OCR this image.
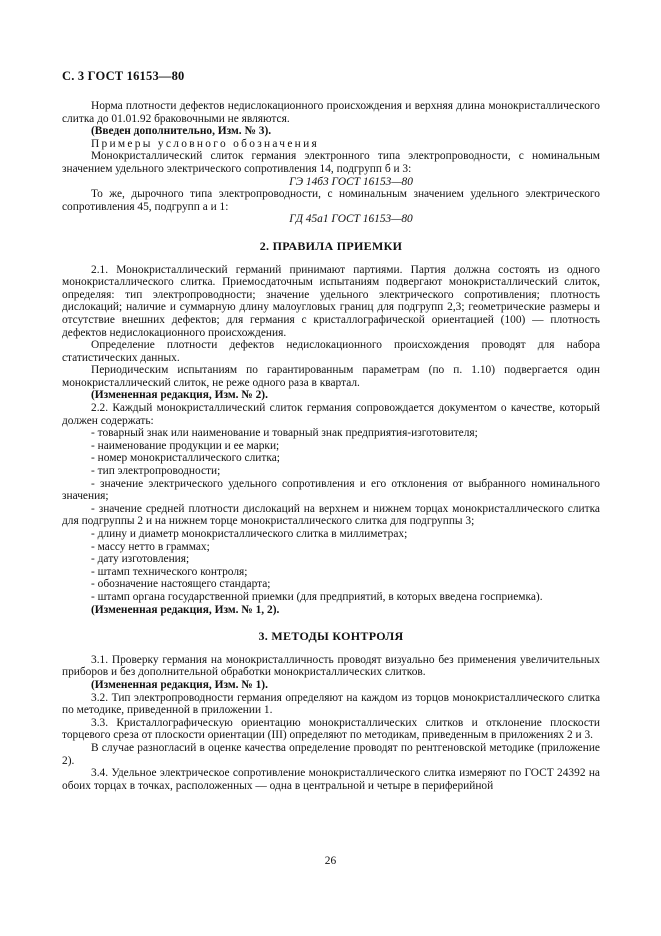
С. 3 ГОСТ 16153—80

Норма плотности дефектов недислокационного происхождения и верхняя длина монокристаллического слитка до 01.01.92 браковочными не являются.

(Введен дополнительно, Изм. № 3).

Примеры условного обозначения

Монокристаллический слиток германия электронного типа электропроводности, с номинальным значением удельного электрического сопротивления 14, подгрупп б и 3:

ГЭ 14б3 ГОСТ 16153—80

То же, дырочного типа электропроводности, с номинальным значением удельного электрического сопротивления 45, подгрупп а и 1:

ГД 45а1 ГОСТ 16153—80

2. ПРАВИЛА ПРИЕМКИ

2.1. Монокристаллический германий принимают партиями. Партия должна состоять из одного монокристаллического слитка. Приемосдаточным испытаниям подвергают монокристаллический слиток, определяя: тип электропроводности; значение удельного электрического сопротивления; плотность дислокаций; наличие и суммарную длину малоугловых границ для подгрупп 2,3; геометрические размеры и отсутствие внешних дефектов; для германия с кристаллографической ориентацией (100) — плотность дефектов недислокационного происхождения.

Определение плотности дефектов недислокационного происхождения проводят для набора статистических данных.

Периодическим испытаниям по гарантированным параметрам (по п. 1.10) подвергается один монокристаллический слиток, не реже одного раза в квартал.

(Измененная редакция, Изм. № 2).

2.2. Каждый монокристаллический слиток германия сопровождается документом о качестве, который должен содержать:

- товарный знак или наименование и товарный знак предприятия-изготовителя;

- наименование продукции и ее марки;

- номер монокристаллического слитка;

- тип электропроводности;

- значение электрического удельного сопротивления и его отклонения от выбранного номинального значения;

- значение средней плотности дислокаций на верхнем и нижнем торцах монокристаллического слитка для подгруппы 2 и на нижнем торце монокристаллического слитка для подгруппы 3;

- длину и диаметр монокристаллического слитка в миллиметрах;

- массу нетто в граммах;

- дату изготовления;

- штамп технического контроля;

- обозначение настоящего стандарта;

- штамп органа государственной приемки (для предприятий, в которых введена госприемка).

(Измененная редакция, Изм. № 1, 2).

3. МЕТОДЫ КОНТРОЛЯ

3.1. Проверку германия на монокристалличность проводят визуально без применения увеличительных приборов и без дополнительной обработки монокристаллических слитков.

(Измененная редакция, Изм. № 1).

3.2. Тип электропроводности германия определяют на каждом из торцов монокристаллического слитка по методике, приведенной в приложении 1.

3.3. Кристаллографическую ориентацию монокристаллических слитков и отклонение плоскости торцевого среза от плоскости ориентации (III) определяют по методикам, приведенным в приложениях 2 и 3.

В случае разногласий в оценке качества определение проводят по рентгеновской методике (приложение 2).

3.4. Удельное электрическое сопротивление монокристаллического слитка измеряют по ГОСТ 24392 на обоих торцах в точках, расположенных — одна в центральной и четыре в периферийной

26
